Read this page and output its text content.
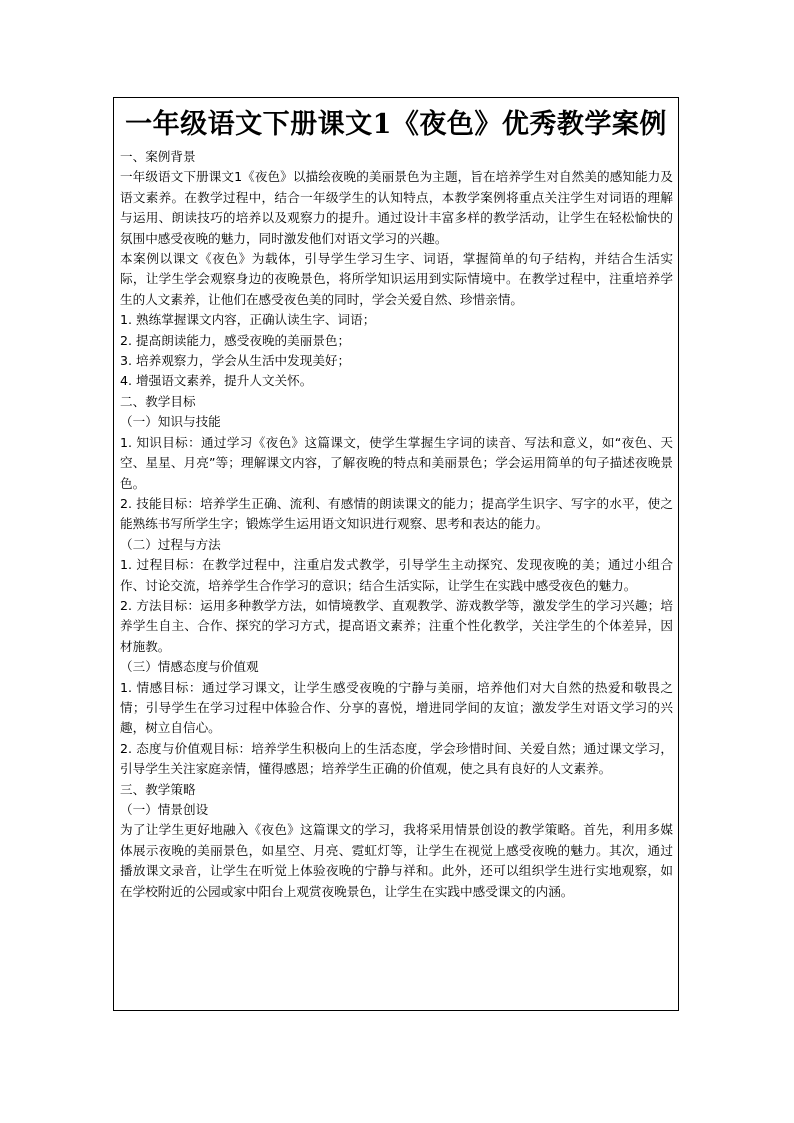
一年级语文下册课文1《夜色》优秀教学案例

一、案例背景

一年级语文下册课文1《夜色》以描绘夜晚的美丽景色为主题，旨在培养学生对自然美的感知能力及语文素养。在教学过程中，结合一年级学生的认知特点，本教学案例将重点关注学生对词语的理解与运用、朗读技巧的培养以及观察力的提升。通过设计丰富多样的教学活动，让学生在轻松愉快的氛围中感受夜晚的魅力，同时激发他们对语文学习的兴趣。

本案例以课文《夜色》为载体，引导学生学习生字、词语，掌握简单的句子结构，并结合生活实际，让学生学会观察身边的夜晚景色，将所学知识运用到实际情境中。在教学过程中，注重培养学生的人文素养，让他们在感受夜色美的同时，学会关爱自然、珍惜亲情。

1. 熟练掌握课文内容，正确认读生字、词语；

2. 提高朗读能力，感受夜晚的美丽景色；

3. 培养观察力，学会从生活中发现美好；

4. 增强语文素养，提升人文关怀。

二、教学目标

（一）知识与技能

1. 知识目标：通过学习《夜色》这篇课文，使学生掌握生字词的读音、写法和意义，如“夜色、天空、星星、月亮”等；理解课文内容，了解夜晚的特点和美丽景色；学会运用简单的句子描述夜晚景色。

2. 技能目标：培养学生正确、流利、有感情的朗读课文的能力；提高学生识字、写字的水平，使之能熟练书写所学生字；锻炼学生运用语文知识进行观察、思考和表达的能力。

（二）过程与方法

1. 过程目标：在教学过程中，注重启发式教学，引导学生主动探究、发现夜晚的美；通过小组合作、讨论交流，培养学生合作学习的意识；结合生活实际，让学生在实践中感受夜色的魅力。

2. 方法目标：运用多种教学方法，如情境教学、直观教学、游戏教学等，激发学生的学习兴趣；培养学生自主、合作、探究的学习方式，提高语文素养；注重个性化教学，关注学生的个体差异，因材施教。

（三）情感态度与价值观

1. 情感目标：通过学习课文，让学生感受夜晚的宁静与美丽，培养他们对大自然的热爱和敬畏之情；引导学生在学习过程中体验合作、分享的喜悦，增进同学间的友谊；激发学生对语文学习的兴趣，树立自信心。

2. 态度与价值观目标：培养学生积极向上的生活态度，学会珍惜时间、关爱自然；通过课文学习，引导学生关注家庭亲情，懂得感恩；培养学生正确的价值观，使之具有良好的人文素养。

三、教学策略

（一）情景创设

为了让学生更好地融入《夜色》这篇课文的学习，我将采用情景创设的教学策略。首先，利用多媒体展示夜晚的美丽景色，如星空、月亮、霓虹灯等，让学生在视觉上感受夜晚的魅力。其次，通过播放课文录音，让学生在听觉上体验夜晚的宁静与祥和。此外，还可以组织学生进行实地观察，如在学校附近的公园或家中阳台上观赏夜晚景色，让学生在实践中感受课文的内涵。
